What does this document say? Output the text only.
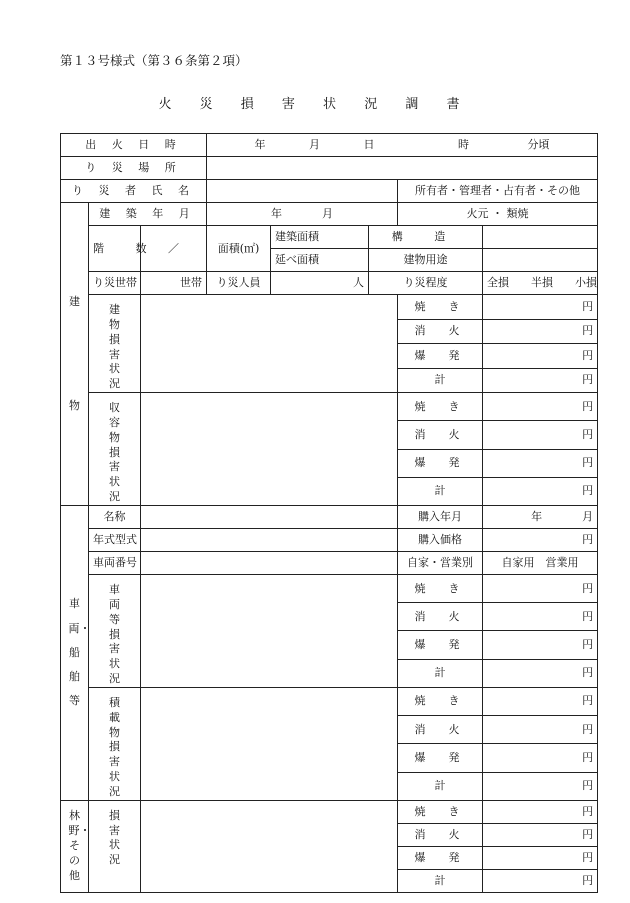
第１３号様式（第３６条第２項）
火 災 損 害 状 況 調 書
出 火 日 時			年 月 日 時 分頃				
り 災 場 所							
り 災 者 氏 名						所有者・管理者・占有者・その他	
建

物	建 築 年 月		年 月			火元 ・ 類焼	
	階 数	／	面積(㎡)	建築面積	構 造		
				延べ面積	建物用途		
	り災世帯	世帯	り災人員	人	り災程度		全損　　半損　　小損
	建物損害状況					焼　き	円
						消　火	円
						爆　発	円
						計	円
	収容物損害状況					焼　き	円
						消　火	円
						爆　発	円
						計	円
車両・船舶等	名称					購入年月	年 月
	年式型式					購入価格	円
	車両番号					自家・営業別	自家用　営業用
	車両等損害状況					焼　き	円
						消　火	円
						爆　発	円
						計	円
	積載物損害状況					焼　き	円
						消　火	円
						爆　発	円
						計	円
林野・その他	損害状況					焼　き	円
						消　火	円
						爆　発	円
						計	円
